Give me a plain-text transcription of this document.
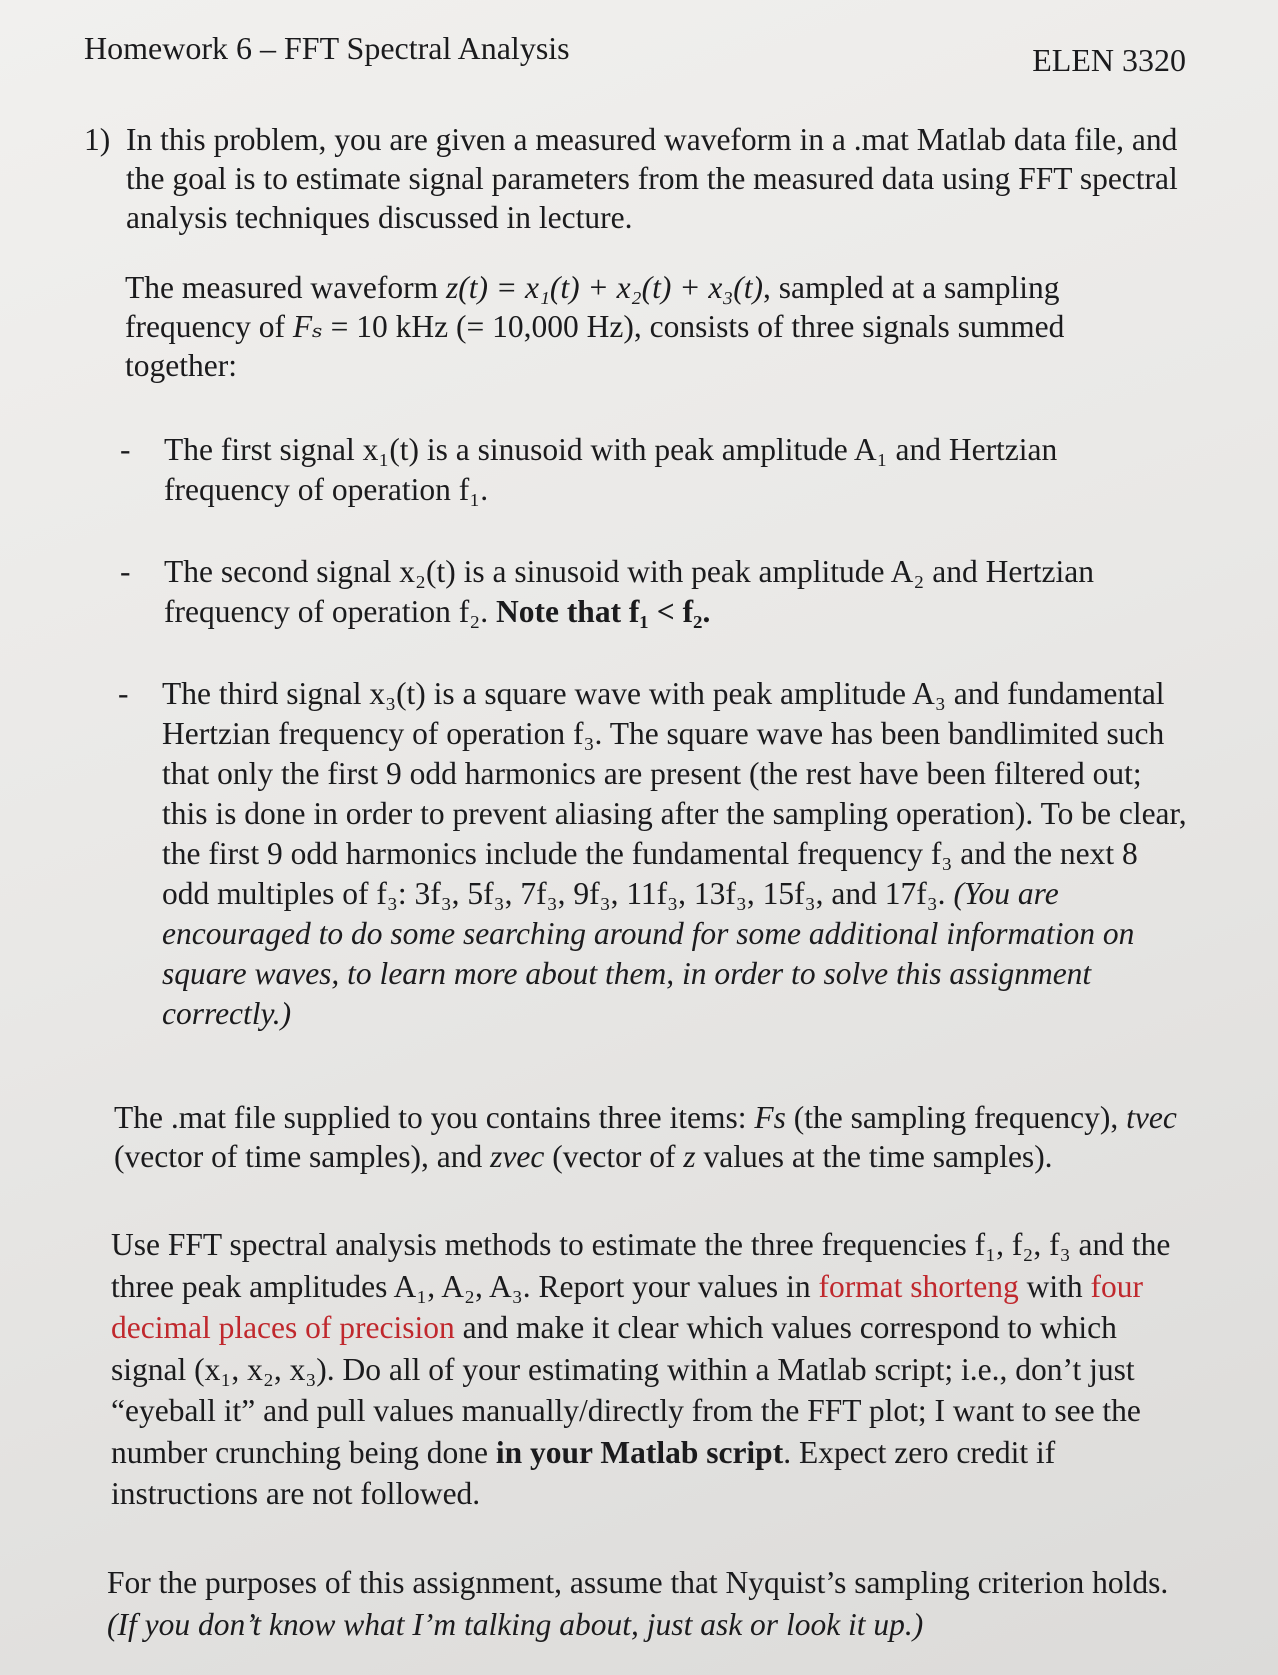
Homework 6 – FFT Spectral Analysis	ELEN 3320
1) In this problem, you are given a measured waveform in a .mat Matlab data file, and the goal is to estimate signal parameters from the measured data using FFT spectral analysis techniques discussed in lecture.
The measured waveform z(t) = x₁(t) + x₂(t) + x₃(t), sampled at a sampling frequency of Fₛ = 10 kHz (= 10,000 Hz), consists of three signals summed together:
- The first signal x₁(t) is a sinusoid with peak amplitude A₁ and Hertzian frequency of operation f₁.
- The second signal x₂(t) is a sinusoid with peak amplitude A₂ and Hertzian frequency of operation f₂. Note that f₁ < f₂.
- The third signal x₃(t) is a square wave with peak amplitude A₃ and fundamental Hertzian frequency of operation f₃. The square wave has been bandlimited such that only the first 9 odd harmonics are present (the rest have been filtered out; this is done in order to prevent aliasing after the sampling operation). To be clear, the first 9 odd harmonics include the fundamental frequency f₃ and the next 8 odd multiples of f₃: 3f₃, 5f₃, 7f₃, 9f₃, 11f₃, 13f₃, 15f₃, and 17f₃. (You are encouraged to do some searching around for some additional information on square waves, to learn more about them, in order to solve this assignment correctly.)
The .mat file supplied to you contains three items: Fs (the sampling frequency), tvec (vector of time samples), and zvec (vector of z values at the time samples).
Use FFT spectral analysis methods to estimate the three frequencies f₁, f₂, f₃ and the three peak amplitudes A₁, A₂, A₃. Report your values in format shorteng with four decimal places of precision and make it clear which values correspond to which signal (x₁, x₂, x₃). Do all of your estimating within a Matlab script; i.e., don’t just “eyeball it” and pull values manually/directly from the FFT plot; I want to see the number crunching being done in your Matlab script. Expect zero credit if instructions are not followed.
For the purposes of this assignment, assume that Nyquist’s sampling criterion holds. (If you don’t know what I’m talking about, just ask or look it up.)
